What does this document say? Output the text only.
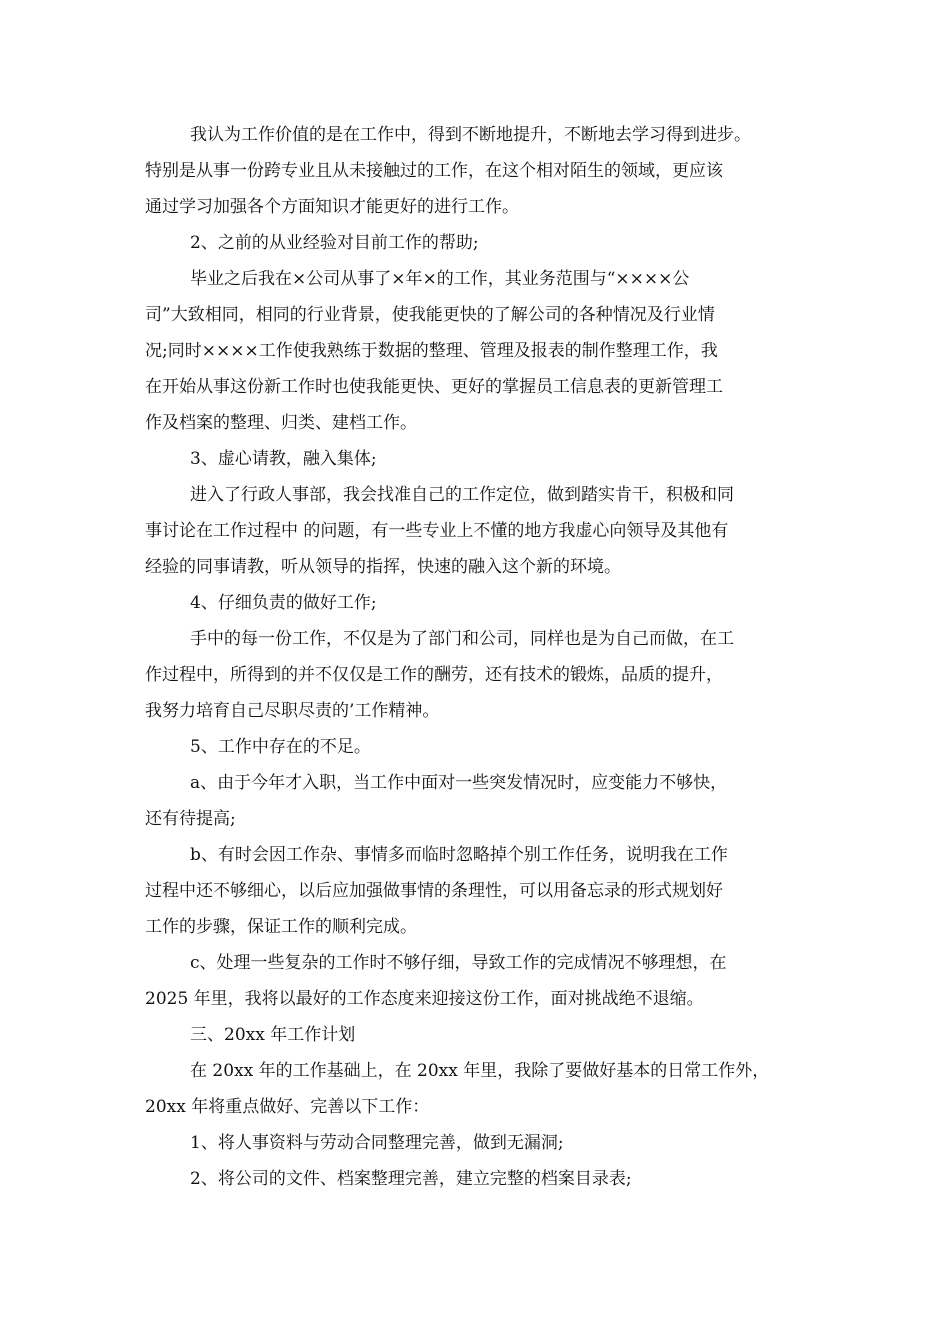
我认为工作价值的是在工作中，得到不断地提升，不断地去学习得到进步。
特别是从事一份跨专业且从未接触过的工作，在这个相对陌生的领域，更应该
通过学习加强各个方面知识才能更好的进行工作。
2、之前的从业经验对目前工作的帮助;
毕业之后我在×公司从事了×年×的工作，其业务范围与“××××公
司”大致相同，相同的行业背景，使我能更快的了解公司的各种情况及行业情
况;同时××××工作使我熟练于数据的整理、管理及报表的制作整理工作，我
在开始从事这份新工作时也使我能更快、更好的掌握员工信息表的更新管理工
作及档案的整理、归类、建档工作。
3、虚心请教，融入集体;
进入了行政人事部，我会找准自己的工作定位，做到踏实肯干，积极和同
事讨论在工作过程中 的问题，有一些专业上不懂的地方我虚心向领导及其他有
经验的同事请教，听从领导的指挥，快速的融入这个新的环境。
4、仔细负责的做好工作;
手中的每一份工作，不仅是为了部门和公司，同样也是为自己而做，在工
作过程中，所得到的并不仅仅是工作的酬劳，还有技术的锻炼，品质的提升，
我努力培育自己尽职尽责的’工作精神。
5、工作中存在的不足。
a、由于今年才入职，当工作中面对一些突发情况时，应变能力不够快，
还有待提高;
b、有时会因工作杂、事情多而临时忽略掉个别工作任务，说明我在工作
过程中还不够细心，以后应加强做事情的条理性，可以用备忘录的形式规划好
工作的步骤，保证工作的顺利完成。
c、处理一些复杂的工作时不够仔细，导致工作的完成情况不够理想，在
2025 年里，我将以最好的工作态度来迎接这份工作，面对挑战绝不退缩。
三、20xx 年工作计划
在 20xx 年的工作基础上，在 20xx 年里，我除了要做好基本的日常工作外，
20xx 年将重点做好、完善以下工作：
1、将人事资料与劳动合同整理完善，做到无漏洞;
2、将公司的文件、档案整理完善，建立完整的档案目录表;
